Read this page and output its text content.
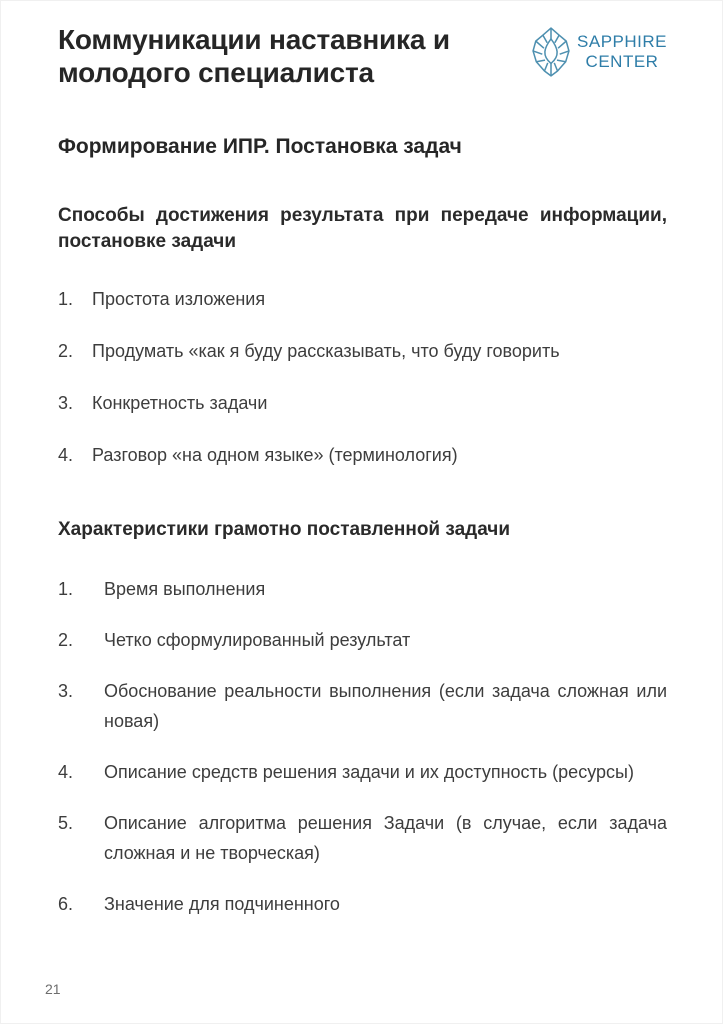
Коммуникации наставника и молодого специалиста
SAPPHIRE
CENTER
Формирование ИПР. Постановка задач
Способы достижения результата при передаче информации, постановке задачи
1.	Простота изложения
2.	Продумать «как я буду рассказывать, что буду говорить
3.	Конкретность задачи
4.	Разговор «на одном языке» (терминология)
Характеристики грамотно поставленной задачи
1.	Время выполнения
2.	Четко сформулированный результат
3.	Обоснование реальности выполнения (если задача сложная или новая)
4.	Описание средств решения задачи и их доступность (ресурсы)
5.	Описание алгоритма решения Задачи (в случае, если задача сложная и не творческая)
6.	Значение для подчиненного
21
